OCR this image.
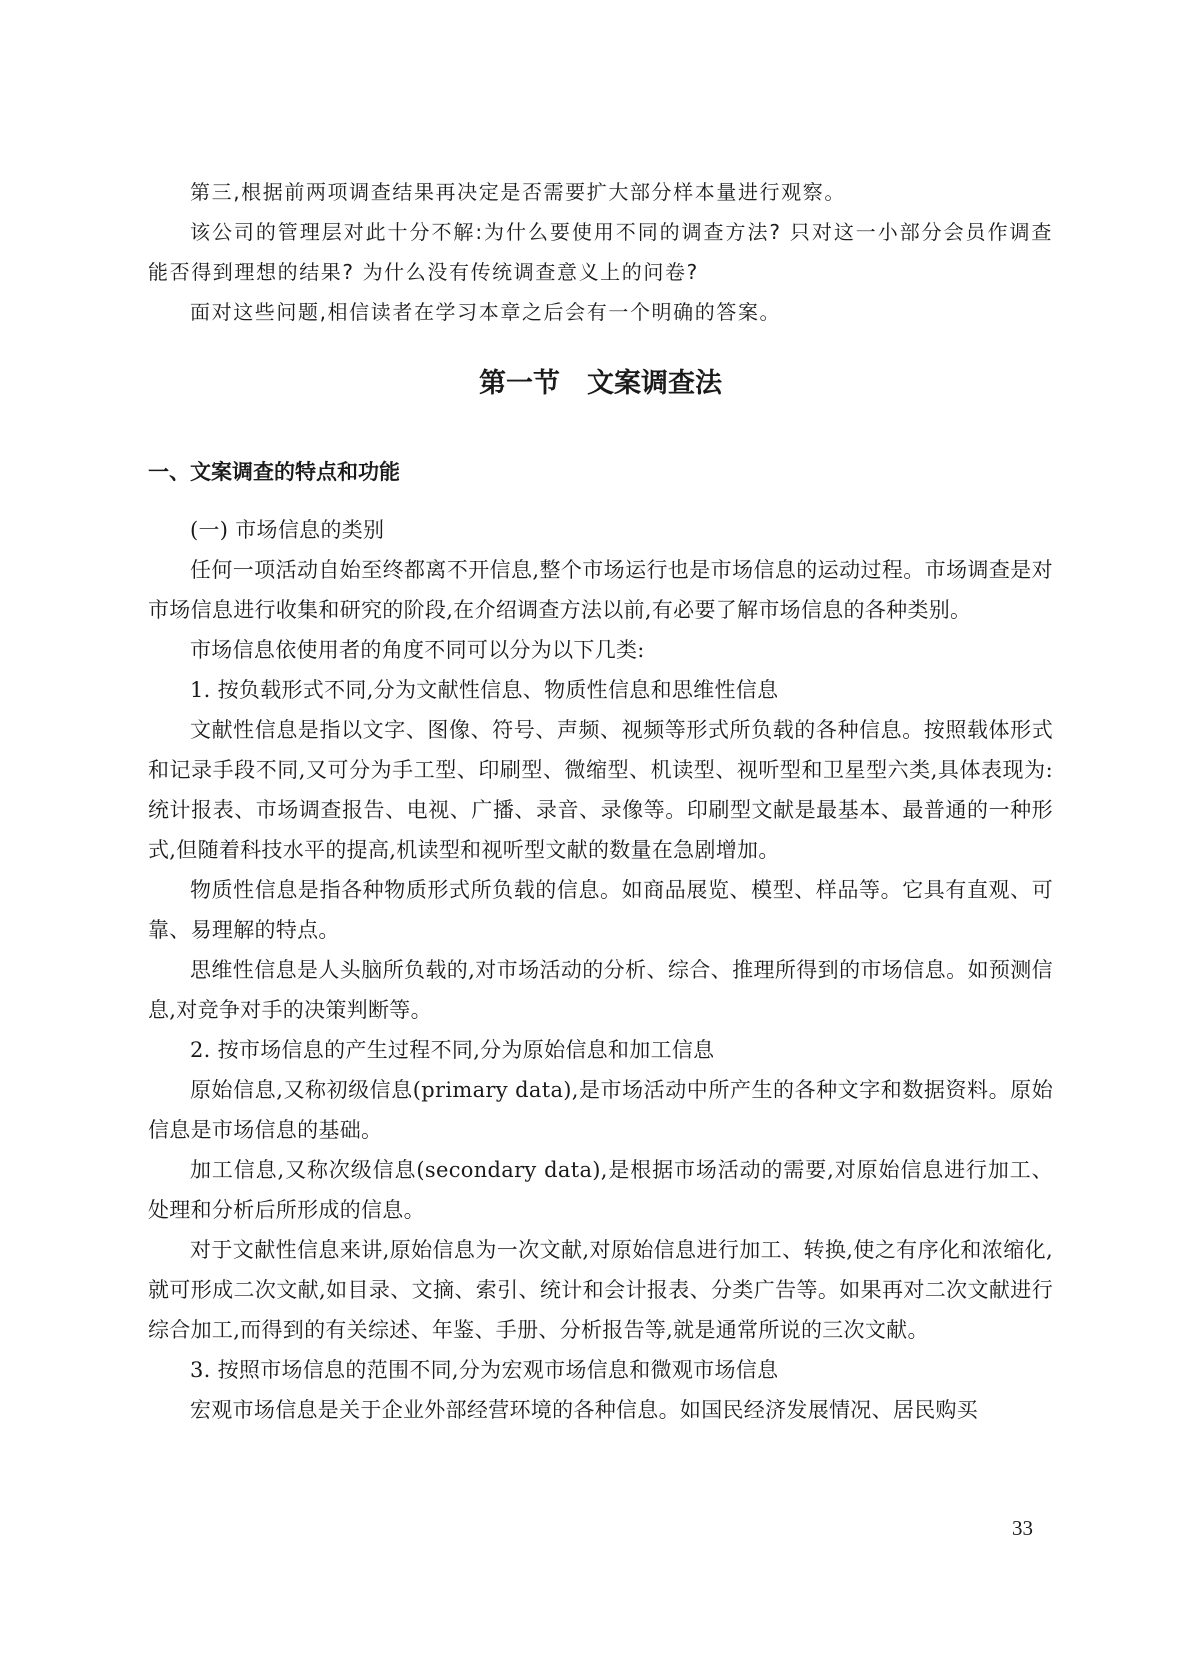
第三,根据前两项调查结果再决定是否需要扩大部分样本量进行观察。

该公司的管理层对此十分不解:为什么要使用不同的调查方法? 只对这一小部分会员作调查能否得到理想的结果? 为什么没有传统调查意义上的问卷?

面对这些问题,相信读者在学习本章之后会有一个明确的答案。

第一节　文案调查法
一、文案调查的特点和功能

(一) 市场信息的类别

任何一项活动自始至终都离不开信息,整个市场运行也是市场信息的运动过程。市场调查是对市场信息进行收集和研究的阶段,在介绍调查方法以前,有必要了解市场信息的各种类别。

市场信息依使用者的角度不同可以分为以下几类:

1. 按负载形式不同,分为文献性信息、物质性信息和思维性信息

文献性信息是指以文字、图像、符号、声频、视频等形式所负载的各种信息。按照载体形式和记录手段不同,又可分为手工型、印刷型、微缩型、机读型、视听型和卫星型六类,具体表现为:统计报表、市场调查报告、电视、广播、录音、录像等。印刷型文献是最基本、最普通的一种形式,但随着科技水平的提高,机读型和视听型文献的数量在急剧增加。

物质性信息是指各种物质形式所负载的信息。如商品展览、模型、样品等。它具有直观、可靠、易理解的特点。

思维性信息是人头脑所负载的,对市场活动的分析、综合、推理所得到的市场信息。如预测信息,对竞争对手的决策判断等。

2. 按市场信息的产生过程不同,分为原始信息和加工信息

原始信息,又称初级信息(primary data),是市场活动中所产生的各种文字和数据资料。原始信息是市场信息的基础。

加工信息,又称次级信息(secondary data),是根据市场活动的需要,对原始信息进行加工、处理和分析后所形成的信息。

对于文献性信息来讲,原始信息为一次文献,对原始信息进行加工、转换,使之有序化和浓缩化,就可形成二次文献,如目录、文摘、索引、统计和会计报表、分类广告等。如果再对二次文献进行综合加工,而得到的有关综述、年鉴、手册、分析报告等,就是通常所说的三次文献。

3. 按照市场信息的范围不同,分为宏观市场信息和微观市场信息

宏观市场信息是关于企业外部经营环境的各种信息。如国民经济发展情况、居民购买

33
